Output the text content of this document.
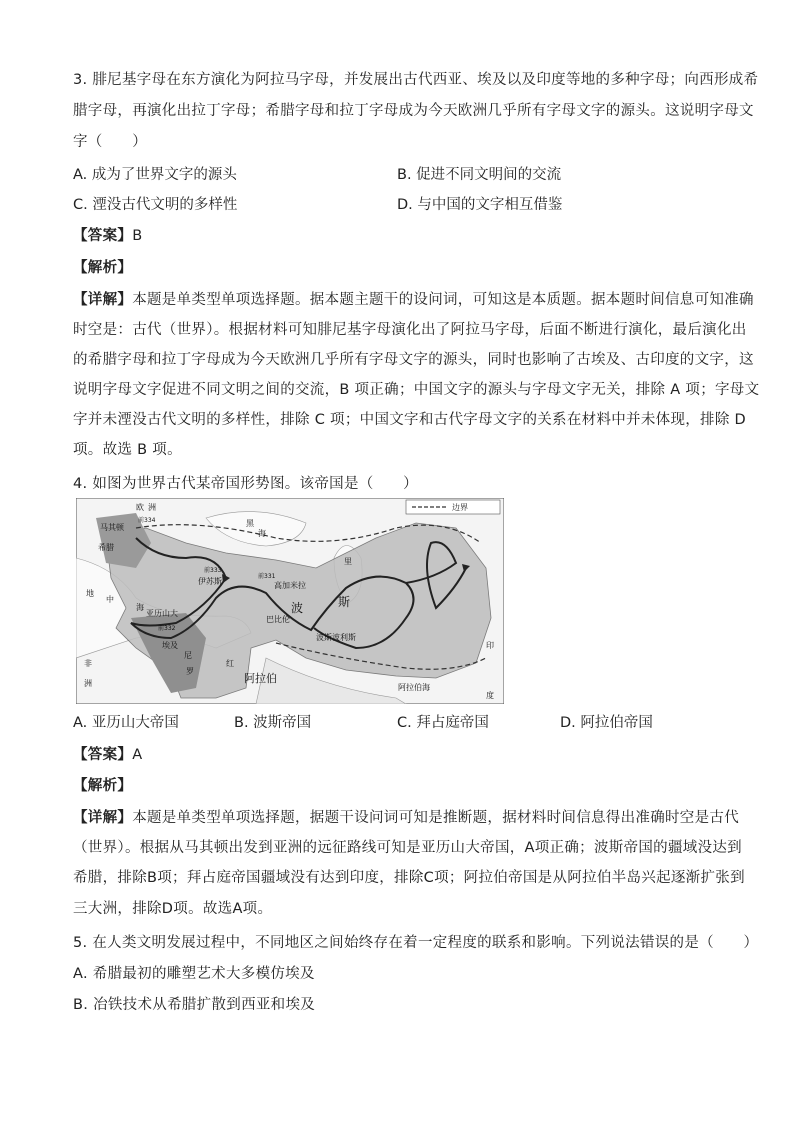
3. 腓尼基字母在东方演化为阿拉马字母，并发展出古代西亚、埃及以及印度等地的多种字母；向西形成希
腊字母，再演化出拉丁字母；希腊字母和拉丁字母成为今天欧洲几乎所有字母文字的源头。这说明字母文
字（　　）
A. 成为了世界文字的源头	B. 促进不同文明间的交流
C. 湮没古代文明的多样性	D. 与中国的文字相互借鉴
【答案】B
【解析】
【详解】本题是单类型单项选择题。据本题主题干的设问词，可知这是本质题。据本题时间信息可知准确
时空是：古代（世界）。根据材料可知腓尼基字母演化出了阿拉马字母，后面不断进行演化，最后演化出
的希腊字母和拉丁字母成为今天欧洲几乎所有字母文字的源头，同时也影响了古埃及、古印度的文字，这
说明字母文字促进不同文明之间的交流，B 项正确；中国文字的源头与字母文字无关，排除 A 项；字母文
字并未湮没古代文明的多样性，排除 C 项；中国文字和古代字母文字的关系在材料中并未体现，排除 D
项。故选 B 项。
4. 如图为世界古代某帝国形势图。该帝国是（　　）
边界
马其顿
希腊
伊苏斯
亚历山大
埃及
巴比伦
波斯波利斯
高加米拉
波	斯
阿拉伯
阿拉伯海
黑
海
里
地
中
海
非
洲
欧 洲
印
度
红
尼
罗
前333
前331
前332
前334
A. 亚历山大帝国	B. 波斯帝国	C. 拜占庭帝国	D. 阿拉伯帝国
【答案】A
【解析】
【详解】本题是单类型单项选择题，据题干设问词可知是推断题，据材料时间信息得出准确时空是古代
（世界）。根据从马其顿出发到亚洲的远征路线可知是亚历山大帝国，A项正确；波斯帝国的疆域没达到
希腊，排除B项；拜占庭帝国疆域没有达到印度，排除C项；阿拉伯帝国是从阿拉伯半岛兴起逐渐扩张到
三大洲，排除D项。故选A项。
5. 在人类文明发展过程中，不同地区之间始终存在着一定程度的联系和影响。下列说法错误的是（　　）
A. 希腊最初的雕塑艺术大多模仿埃及
B. 冶铁技术从希腊扩散到西亚和埃及
